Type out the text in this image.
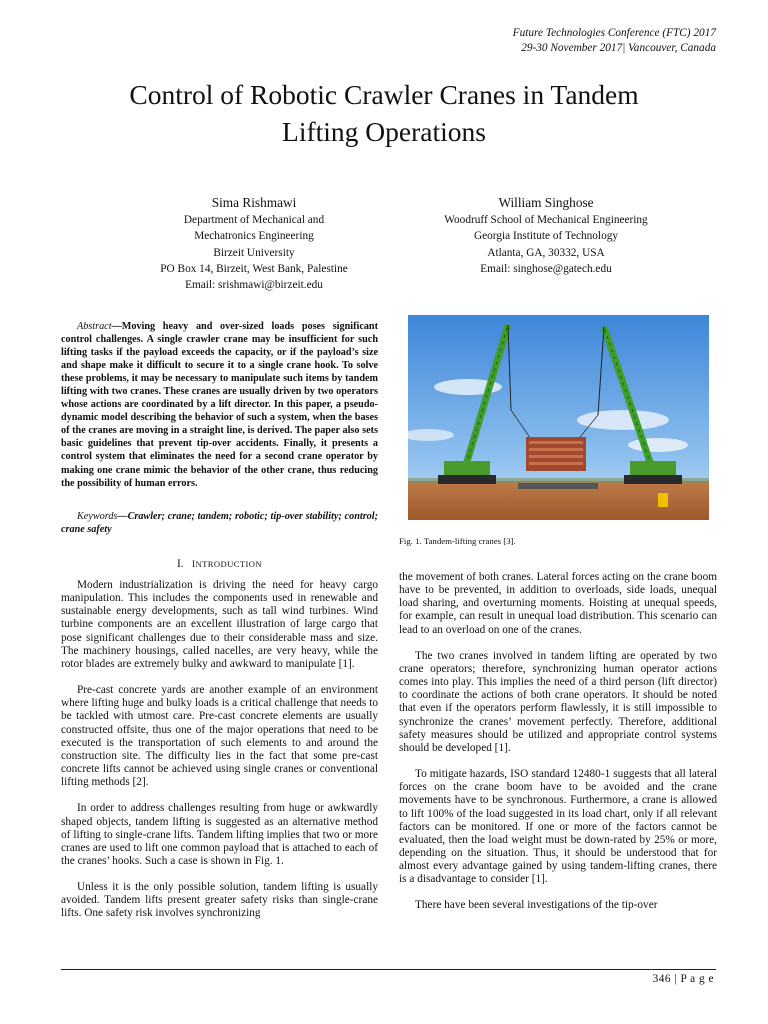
Future Technologies Conference (FTC) 2017
29-30 November 2017| Vancouver, Canada
Control of Robotic Crawler Cranes in Tandem
Lifting Operations
Sima Rishmawi
Department of Mechanical and
Mechatronics Engineering
Birzeit University
PO Box 14, Birzeit, West Bank, Palestine
Email: srishmawi@birzeit.edu
William Singhose
Woodruff School of Mechanical Engineering
Georgia Institute of Technology
Atlanta, GA, 30332, USA
Email: singhose@gatech.edu

Abstract—Moving heavy and over-sized loads poses significant control challenges. A single crawler crane may be insufficient for such lifting tasks if the payload exceeds the capacity, or if the payload’s size and shape make it difficult to secure it to a single crane hook. To solve these problems, it may be necessary to manipulate such items by tandem lifting with two cranes. These cranes are usually driven by two operators whose actions are coordinated by a lift director. In this paper, a pseudo-dynamic model describing the behavior of such a system, when the bases of the cranes are moving in a straight line, is derived. The paper also sets basic guidelines that prevent tip-over accidents. Finally, it presents a control system that eliminates the need for a second crane operator by making one crane mimic the behavior of the other crane, thus reducing the possibility of human errors.

Keywords—Crawler; crane; tandem; robotic; tip-over stability; control; crane safety

I. INTRODUCTION

Modern industrialization is driving the need for heavy cargo manipulation. This includes the components used in renewable and sustainable energy developments, such as tall wind turbines. Wind turbine components are an excellent illustration of large cargo that pose significant challenges due to their considerable mass and size. The machinery housings, called nacelles, are very heavy, while the rotor blades are extremely bulky and awkward to manipulate [1].

Pre-cast concrete yards are another example of an environment where lifting huge and bulky loads is a critical challenge that needs to be tackled with utmost care. Pre-cast concrete elements are usually constructed offsite, thus one of the major operations that need to be executed is the transportation of such elements to and around the construction site. The difficulty lies in the fact that some pre-cast concrete lifts cannot be achieved using single cranes or conventional lifting methods [2].

In order to address challenges resulting from huge or awkwardly shaped objects, tandem lifting is suggested as an alternative method of lifting to single-crane lifts. Tandem lifting implies that two or more cranes are used to lift one common payload that is attached to each of the cranes’ hooks. Such a case is shown in Fig. 1.

Unless it is the only possible solution, tandem lifting is usually avoided. Tandem lifts present greater safety risks than single-crane lifts. One safety risk involves synchronizing

Fig. 1. Tandem-lifting cranes [3].

the movement of both cranes. Lateral forces acting on the crane boom have to be prevented, in addition to overloads, side loads, unequal load sharing, and overturning moments. Hoisting at unequal speeds, for example, can result in unequal load distribution. This scenario can lead to an overload on one of the cranes.

The two cranes involved in tandem lifting are operated by two crane operators; therefore, synchronizing human operator actions comes into play. This implies the need of a third person (lift director) to coordinate the actions of both crane operators. It should be noted that even if the operators perform flawlessly, it is still impossible to synchronize the cranes’ movement perfectly. Therefore, additional safety measures should be utilized and appropriate control systems should be developed [1].

To mitigate hazards, ISO standard 12480-1 suggests that all lateral forces on the crane boom have to be avoided and the crane movements have to be synchronous. Furthermore, a crane is allowed to lift 100% of the load suggested in its load chart, only if all relevant factors can be monitored. If one or more of the factors cannot be evaluated, then the load weight must be down-rated by 25% or more, depending on the situation. Thus, it should be understood that for almost every advantage gained by using tandem-lifting cranes, there is a disadvantage to consider [1].

There have been several investigations of the tip-over

346 | P a g e
